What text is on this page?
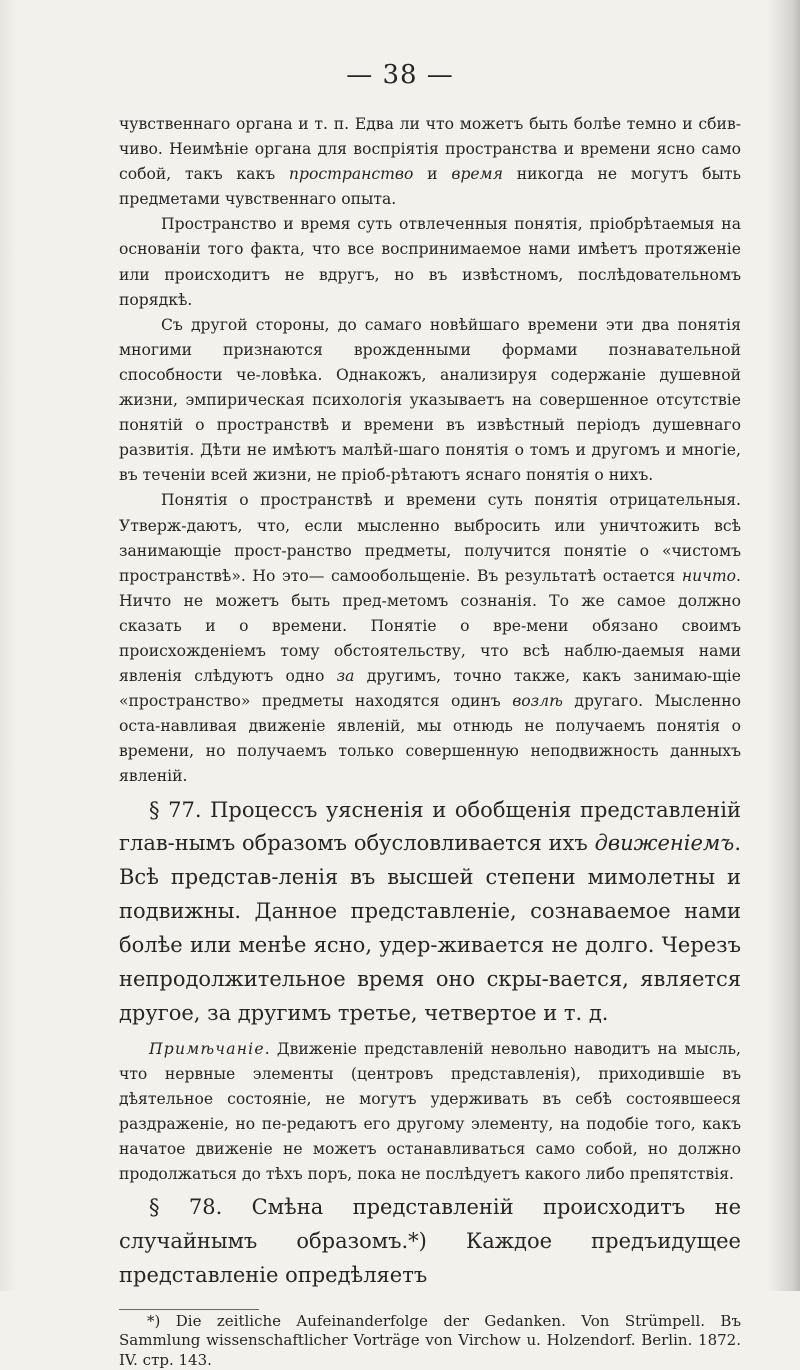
— 38 —

чувственнаго органа и т. п. Едва ли что можетъ быть болѣе темно и сбив-чиво. Неимѣніе органа для воспріятія пространства и времени ясно само собой, такъ какъ пространство и время никогда не могутъ быть предметами чувственнаго опыта.

Пространство и время суть отвлеченныя понятія, пріобрѣтаемыя на основаніи того факта, что все воспринимаемое нами имѣетъ протяженіе или происходитъ не вдругъ, но въ извѣстномъ, послѣдовательномъ порядкѣ.

Съ другой стороны, до самаго новѣйшаго времени эти два понятія многими признаются врожденными формами познавательной способности че-ловѣка. Однакожъ, анализируя содержаніе душевной жизни, эмпирическая психологія указываетъ на совершенное отсутствіе понятій о пространствѣ и времени въ извѣстный періодъ душевнаго развитія. Дѣти не имѣютъ малѣй-шаго понятія о томъ и другомъ и многіе, въ теченіи всей жизни, не пріоб-рѣтаютъ яснаго понятія о нихъ.

Понятія о пространствѣ и времени суть понятія отрицательныя. Утверж-даютъ, что, если мысленно выбросить или уничтожить всѣ занимающіе прост-ранство предметы, получится понятіе о «чистомъ пространствѣ». Но это— самообольщеніе. Въ результатѣ остается ничто. Ничто не можетъ быть пред-метомъ сознанія. То же самое должно сказать и о времени. Понятіе о вре-мени обязано своимъ происхожденіемъ тому обстоятельству, что всѣ наблю-даемыя нами явленія слѣдуютъ одно за другимъ, точно также, какъ занимаю-щіе «пространство» предметы находятся одинъ возлѣ другаго. Мысленно оста-навливая движеніе явленій, мы отнюдь не получаемъ понятія о времени, но получаемъ только совершенную неподвижность данныхъ явленій.

§ 77. Процессъ уясненія и обобщенія представленій глав-нымъ образомъ обусловливается ихъ движеніемъ. Всѣ представ-ленія въ высшей степени мимолетны и подвижны. Данное представленіе, сознаваемое нами болѣе или менѣе ясно, удер-живается не долго. Черезъ непродолжительное время оно скры-вается, является другое, за другимъ третье, четвертое и т. д.

Примѣчаніе. Движеніе представленій невольно наводитъ на мысль, что нервные элементы (центровъ представленія), приходившіе въ дѣятельное состояніе, не могутъ удерживать въ себѣ состоявшееся раздраженіе, но пе-редаютъ его другому элементу, на подобіе того, какъ начатое движеніе не можетъ останавливаться само собой, но должно продолжаться до тѣхъ поръ, пока не послѣдуетъ какого либо препятствія.

§ 78. Смѣна представленій происходитъ не случайнымъ образомъ.*) Каждое предъидущее представленіе опредѣляетъ

*) Die zeitliche Aufeinanderfolge der Gedanken. Von Strümpell. Въ Sammlung wissenschaftlicher Vorträge von Virchow u. Holzendorf. Berlin. 1872. IV. стр. 143.
